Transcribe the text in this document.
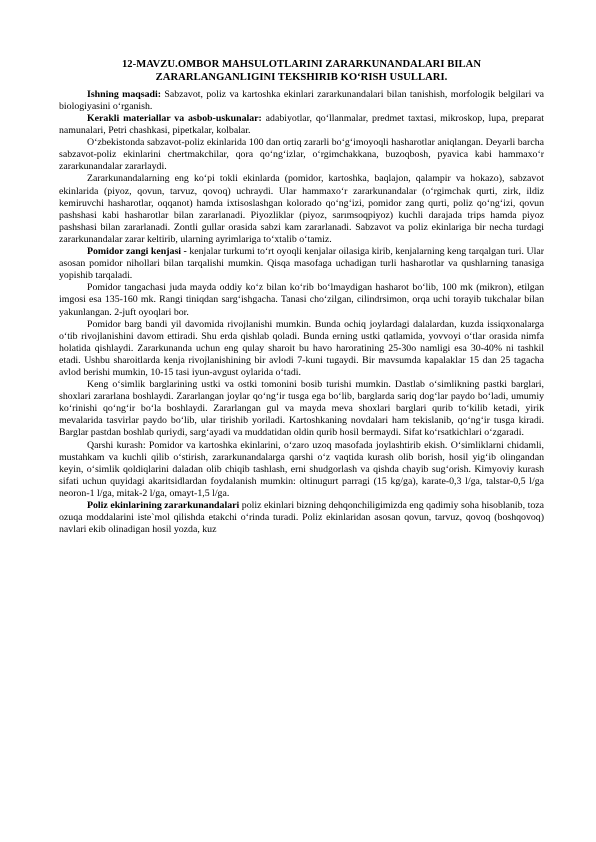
12-MAVZU.OMBOR MAHSULOTLARINI ZARARKUNANDALARI BILAN
ZARARLANGANLIGINI TEKSHIRIB KO‘RISH USULLARI.

Ishning maqsadi: Sabzavot, poliz va kartoshka ekinlari zararkunandalari bilan tanishish, morfologik belgilari va biologiyasini o‘rganish.

Kerakli materiallar va asbob-uskunalar: adabiyotlar, qo‘llanmalar, predmet taxtasi, mikroskop, lupa, preparat namunalari, Petri chashkasi, pipetkalar, kolbalar.

O‘zbekistonda sabzavot-poliz ekinlarida 100 dan ortiq zararli bo‘g‘imoyoqli hasharotlar aniqlangan. Deyarli barcha sabzavot-poliz ekinlarini chertmakchilar, qora qo‘ng‘izlar, o‘rgimchakkana, buzoqbosh, pyavica kabi hammaxo‘r zararkunandalar zararlaydi.

Zararkunandalarning eng ko‘pi tokli ekinlarda (pomidor, kartoshka, baqlajon, qalampir va hokazo), sabzavot ekinlarida (piyoz, qovun, tarvuz, qovoq) uchraydi. Ular hammaxo‘r zararkunandalar (o‘rgimchak qurti, zirk, ildiz kemiruvchi hasharotlar, oqqanot) hamda ixtisoslashgan kolorado qo‘ng‘izi, pomidor zang qurti, poliz qo‘ng‘izi, qovun pashshasi kabi hasharotlar bilan zararlanadi. Piyozliklar (piyoz, sarımsoqpiyoz) kuchli darajada trips hamda piyoz pashshasi bilan zararlanadi. Zontli gullar orasida sabzi kam zararlanadi. Sabzavot va poliz ekinlariga bir necha turdagi zararkunandalar zarar keltirib, ularning ayrimlariga to‘xtalib o‘tamiz.

Pomidor zangi kenjasi - kenjalar turkumi to‘rt oyoqli kenjalar oilasiga kirib, kenjalarning keng tarqalgan turi. Ular asosan pomidor nihollari bilan tarqalishi mumkin. Qisqa masofaga uchadigan turli hasharotlar va qushlarning tanasiga yopishib tarqaladi.

Pomidor tangachasi juda mayda oddiy ko‘z bilan ko‘rib bo‘lmaydigan hasharot bo‘lib, 100 mk (mikron), etilgan imgosi esa 135-160 mk. Rangi tiniqdan sarg‘ishgacha. Tanasi cho‘zilgan, cilindrsimon, orqa uchi torayib tukchalar bilan yakunlangan. 2-juft oyoqlari bor.

Pomidor barg bandi yil davomida rivojlanishi mumkin. Bunda ochiq joylardagi dalalardan, kuzda issiqxonalarga o‘tib rivojlanishini davom ettiradi. Shu erda qishlab qoladi. Bunda erning ustki qatlamida, yovvoyi o‘tlar orasida nimfa holatida qishlaydi. Zararkunanda uchun eng qulay sharoit bu havo haroratining 25-30o namligi esa 30-40% ni tashkil etadi. Ushbu sharoitlarda kenja rivojlanishining bir avlodi 7-kuni tugaydi. Bir mavsumda kapalaklar 15 dan 25 tagacha avlod berishi mumkin, 10-15 tasi iyun-avgust oylarida o‘tadi.

Keng o‘simlik barglarining ustki va ostki tomonini bosib turishi mumkin. Dastlab o‘simlikning pastki barglari, shoxlari zararlana boshlaydi. Zararlangan joylar qo‘ng‘ir tusga ega bo‘lib, barglarda sariq dog‘lar paydo bo‘ladi, umumiy ko‘rinishi qo‘ng‘ir bo‘la boshlaydi. Zararlangan gul va mayda meva shoxlari barglari qurib to‘kilib ketadi, yirik mevalarida tasvirlar paydo bo‘lib, ular tirishib yoriladi. Kartoshkaning novdalari ham tekislanib, qo‘ng‘ir tusga kiradi. Barglar pastdan boshlab quriydi, sarg‘ayadi va muddatidan oldin qurib hosil bermaydi. Sifat ko‘rsatkichlari o‘zgaradi.

Qarshi kurash: Pomidor va kartoshka ekinlarini, o‘zaro uzoq masofada joylashtirib ekish. O‘simliklarni chidamli, mustahkam va kuchli qilib o‘stirish, zararkunandalarga qarshi o‘z vaqtida kurash olib borish, hosil yig‘ib olingandan keyin, o‘simlik qoldiqlarini daladan olib chiqib tashlash, erni shudgorlash va qishda chayib sug‘orish. Kimyoviy kurash sifati uchun quyidagi akaritsidlardan foydalanish mumkin: oltinugurt parragi (15 kg/ga), karate-0,3 l/ga, talstar-0,5 l/ga neoron-1 l/ga, mitak-2 l/ga, omayt-1,5 l/ga.

Poliz ekinlarining zararkunandalari poliz ekinlari bizning dehqonchiligimizda eng qadimiy soha hisoblanib, toza ozuqa moddalarini iste`mol qilishda etakchi o‘rinda turadi. Poliz ekinlaridan asosan qovun, tarvuz, qovoq (boshqovoq) navlari ekib olinadigan hosil yozda, kuz
